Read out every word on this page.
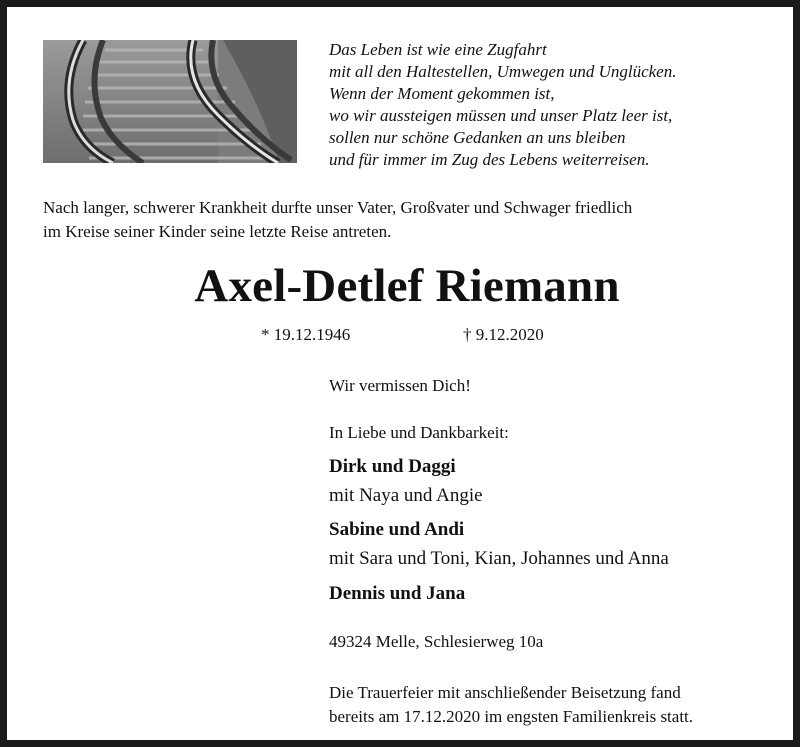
Das Leben ist wie eine Zugfahrt
mit all den Haltestellen, Umwegen und Unglücken.
Wenn der Moment gekommen ist,
wo wir aussteigen müssen und unser Platz leer ist,
sollen nur schöne Gedanken an uns bleiben
und für immer im Zug des Lebens weiterreisen.
Nach langer, schwerer Krankheit durfte unser Vater, Großvater und Schwager friedlich
im Kreise seiner Kinder seine letzte Reise antreten.
Axel-Detlef Riemann
* 19.12.1946	† 9.12.2020
Wir vermissen Dich!
In Liebe und Dankbarkeit:
Dirk und Daggi
mit Naya und Angie
Sabine und Andi
mit Sara und Toni, Kian, Johannes und Anna
Dennis und Jana
49324 Melle, Schlesierweg 10a
Die Trauerfeier mit anschließender Beisetzung fand
bereits am 17.12.2020 im engsten Familienkreis statt.
